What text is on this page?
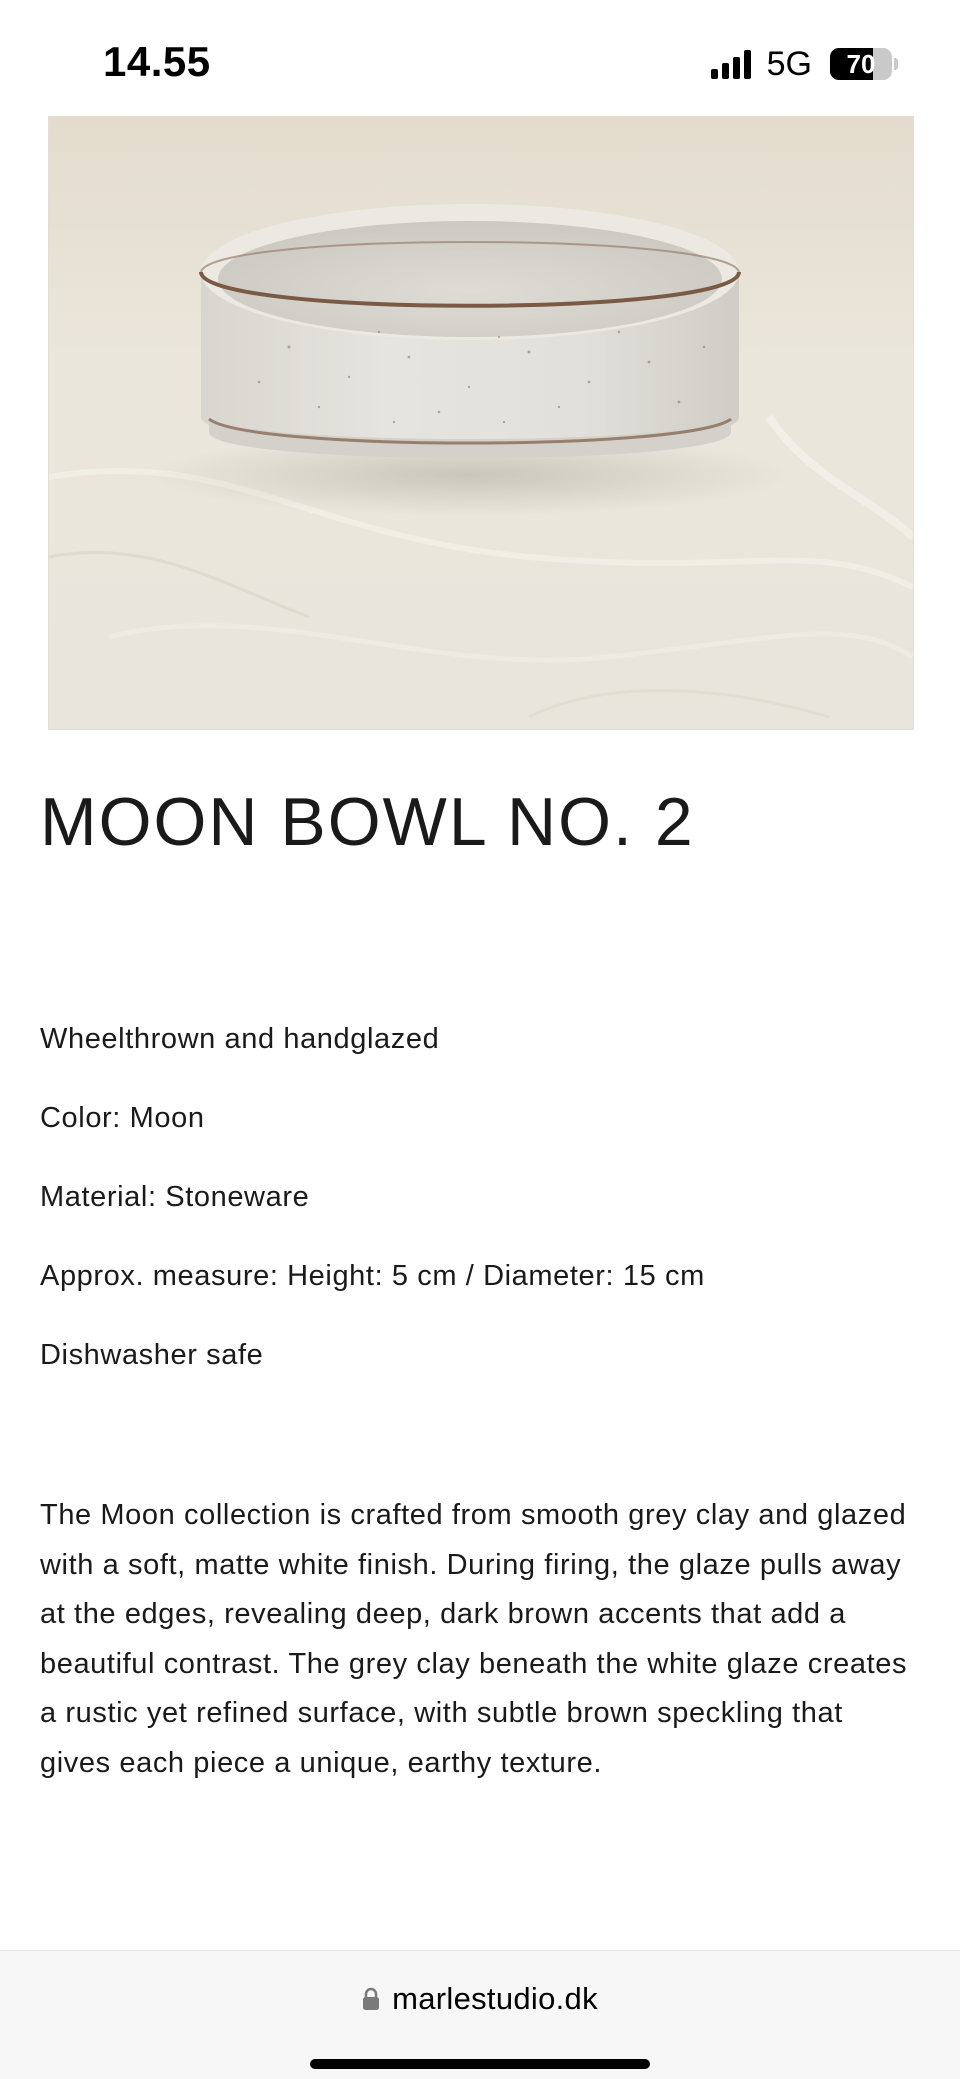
14.55	5G	70
MOON BOWL NO. 2
Wheelthrown and handglazed
Color: Moon
Material: Stoneware
Approx. measure: Height: 5 cm / Diameter: 15 cm
Dishwasher safe

The Moon collection is crafted from smooth grey clay and glazed with a soft, matte white finish. During firing, the glaze pulls away at the edges, revealing deep, dark brown accents that add a beautiful contrast. The grey clay beneath the white glaze creates a rustic yet refined surface, with subtle brown speckling that gives each piece a unique, earthy texture.

marlestudio.dk
